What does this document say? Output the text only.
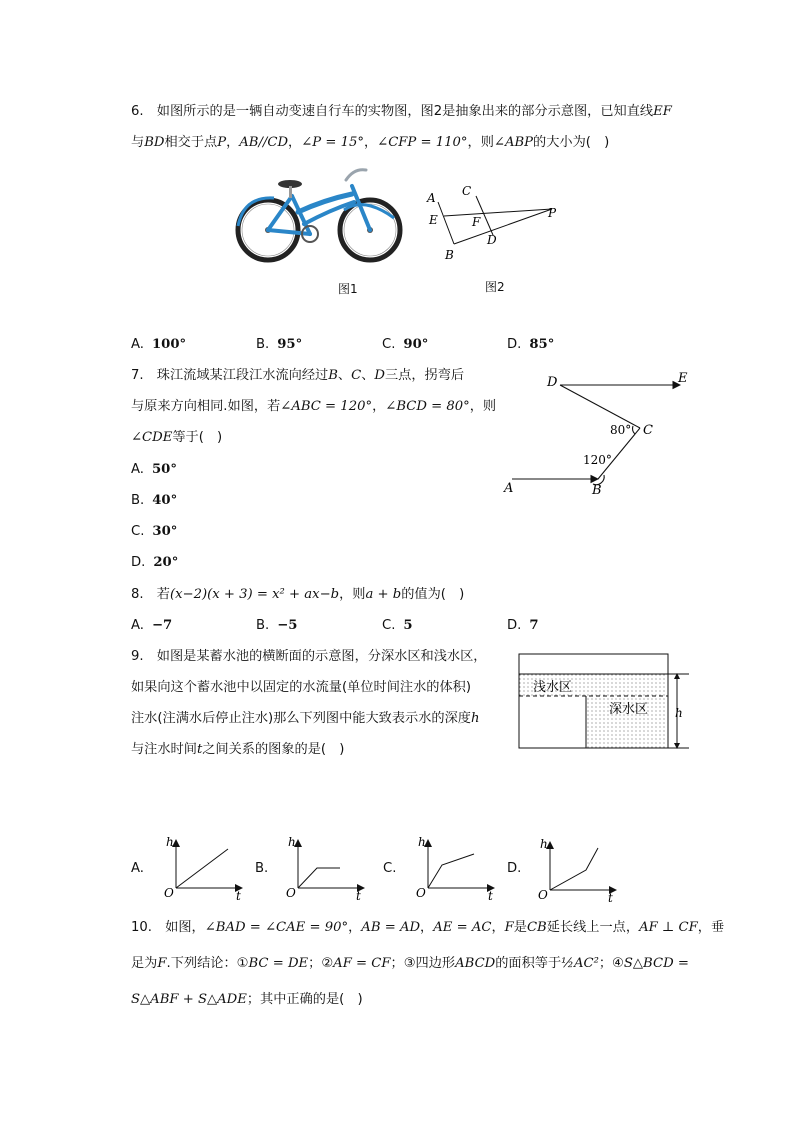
6.　如图所示的是一辆自动变速自行车的实物图，图2是抽象出来的部分示意图，已知直线EF
与BD相交于点P，AB//CD，∠P = 15°，∠CFP = 110°，则∠ABP的大小为(　)
图1
A
B
C
D
E	F
P
图2
A. 100°	B. 95°	C. 90°	D. 85°
7.　珠江流域某江段江水流向经过B、C、D三点，拐弯后
与原来方向相同.如图，若∠ABC = 120°，∠BCD = 80°，则
∠CDE等于(　)
A. 50°
B. 40°
C. 30°
D. 20°
D	E
C
B
A
80°
120°
8.　若(x−2)(x + 3) = x² + ax−b，则a + b的值为(　)
A. −7	B. −5	C. 5	D. 7
9.　如图是某蓄水池的横断面的示意图，分深水区和浅水区，
如果向这个蓄水池中以固定的水流量(单位时间注水的体积)
注水(注满水后停止注水)那么下列图中能大致表示水的深度h
与注水时间t之间关系的图象的是(　)
浅水区
深水区 h
A.
h
O	t
B.
h
O	t
C.
h
O	t
D.
h
O	t
10.　如图，∠BAD = ∠CAE = 90°，AB = AD，AE = AC，F是CB延长线上一点，AF ⊥ CF，垂
足为F.下列结论：①BC = DE；②AF = CF；③四边形ABCD的面积等于½AC²；④S△BCD =
S△ABF + S△ADE；其中正确的是(　)
